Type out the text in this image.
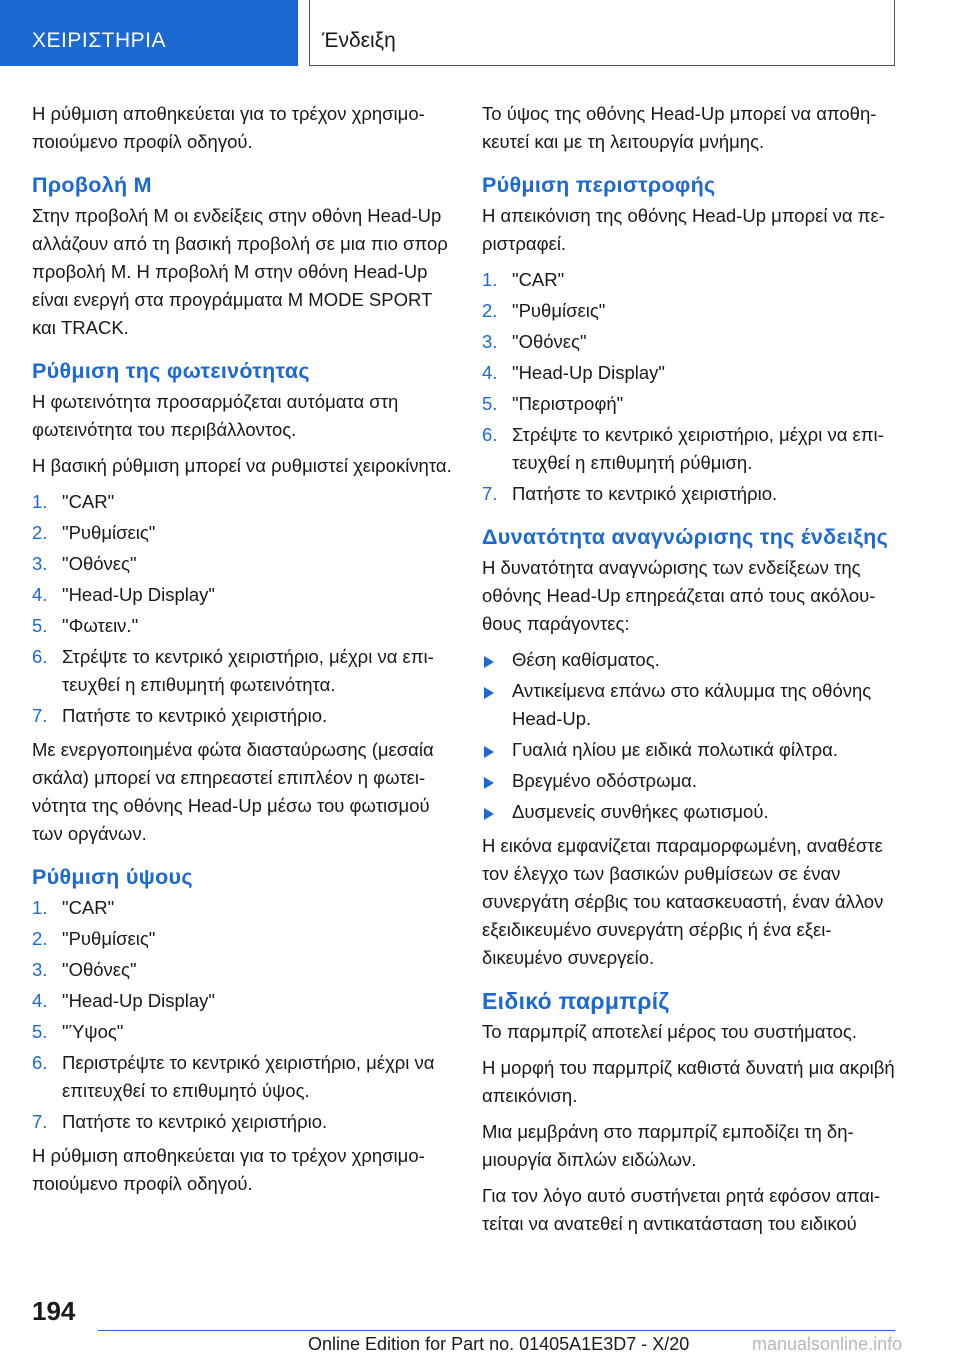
ΧΕΙΡΙΣΤΗΡΙΑ	Ένδειξη

Η ρύθμιση αποθηκεύεται για το τρέχον χρησιμοποιούμενο προφίλ οδηγού.

Προβολή M

Στην προβολή M οι ενδείξεις στην οθόνη Head-Up αλλάζουν από τη βασική προβολή σε μια πιο σπορ προβολή M. Η προβολή M στην οθόνη Head-Up είναι ενεργή στα προγράμματα M MODE SPORT και TRACK.

Ρύθμιση της φωτεινότητας

Η φωτεινότητα προσαρμόζεται αυτόματα στη φωτεινότητα του περιβάλλοντος.

Η βασική ρύθμιση μπορεί να ρυθμιστεί χειροκίνητα.

1. "CAR"
2. "Ρυθμίσεις"
3. "Οθόνες"
4. "Head-Up Display"
5. "Φωτειν."
6. Στρέψτε το κεντρικό χειριστήριο, μέχρι να επιτευχθεί η επιθυμητή φωτεινότητα.
7. Πατήστε το κεντρικό χειριστήριο.

Με ενεργοποιημένα φώτα διασταύρωσης (μεσαία σκάλα) μπορεί να επηρεαστεί επιπλέον η φωτεινότητα της οθόνης Head-Up μέσω του φωτισμού των οργάνων.

Ρύθμιση ύψους
1. "CAR"
2. "Ρυθμίσεις"
3. "Οθόνες"
4. "Head-Up Display"
5. "Ύψος"
6. Περιστρέψτε το κεντρικό χειριστήριο, μέχρι να επιτευχθεί το επιθυμητό ύψος.
7. Πατήστε το κεντρικό χειριστήριο.

Η ρύθμιση αποθηκεύεται για το τρέχον χρησιμοποιούμενο προφίλ οδηγού.

Το ύψος της οθόνης Head-Up μπορεί να αποθηκευτεί και με τη λειτουργία μνήμης.

Ρύθμιση περιστροφής

Η απεικόνιση της οθόνης Head-Up μπορεί να περιστραφεί.

1. "CAR"
2. "Ρυθμίσεις"
3. "Οθόνες"
4. "Head-Up Display"
5. "Περιστροφή"
6. Στρέψτε το κεντρικό χειριστήριο, μέχρι να επιτευχθεί η επιθυμητή ρύθμιση.
7. Πατήστε το κεντρικό χειριστήριο.
Δυνατότητα αναγνώρισης της ένδειξης

Η δυνατότητα αναγνώρισης των ενδείξεων της οθόνης Head-Up επηρεάζεται από τους ακόλουθους παράγοντες:

Θέση καθίσματος.
Αντικείμενα επάνω στο κάλυμμα της οθόνης Head-Up.
Γυαλιά ηλίου με ειδικά πολωτικά φίλτρα.
Βρεγμένο οδόστρωμα.
Δυσμενείς συνθήκες φωτισμού.

Η εικόνα εμφανίζεται παραμορφωμένη, αναθέστε τον έλεγχο των βασικών ρυθμίσεων σε έναν συνεργάτη σέρβις του κατασκευαστή, έναν άλλον εξειδικευμένο συνεργάτη σέρβις ή ένα εξειδικευμένο συνεργείο.

Ειδικό παρμπρίζ

Το παρμπρίζ αποτελεί μέρος του συστήματος.

Η μορφή του παρμπρίζ καθιστά δυνατή μια ακριβή απεικόνιση.

Μια μεμβράνη στο παρμπρίζ εμποδίζει τη δημιουργία διπλών ειδώλων.

Για τον λόγο αυτό συστήνεται ρητά εφόσον απαιτείται να ανατεθεί η αντικατάσταση του ειδικού

194
Online Edition for Part no. 01405A1E3D7 - X/20	manualsonline.info
